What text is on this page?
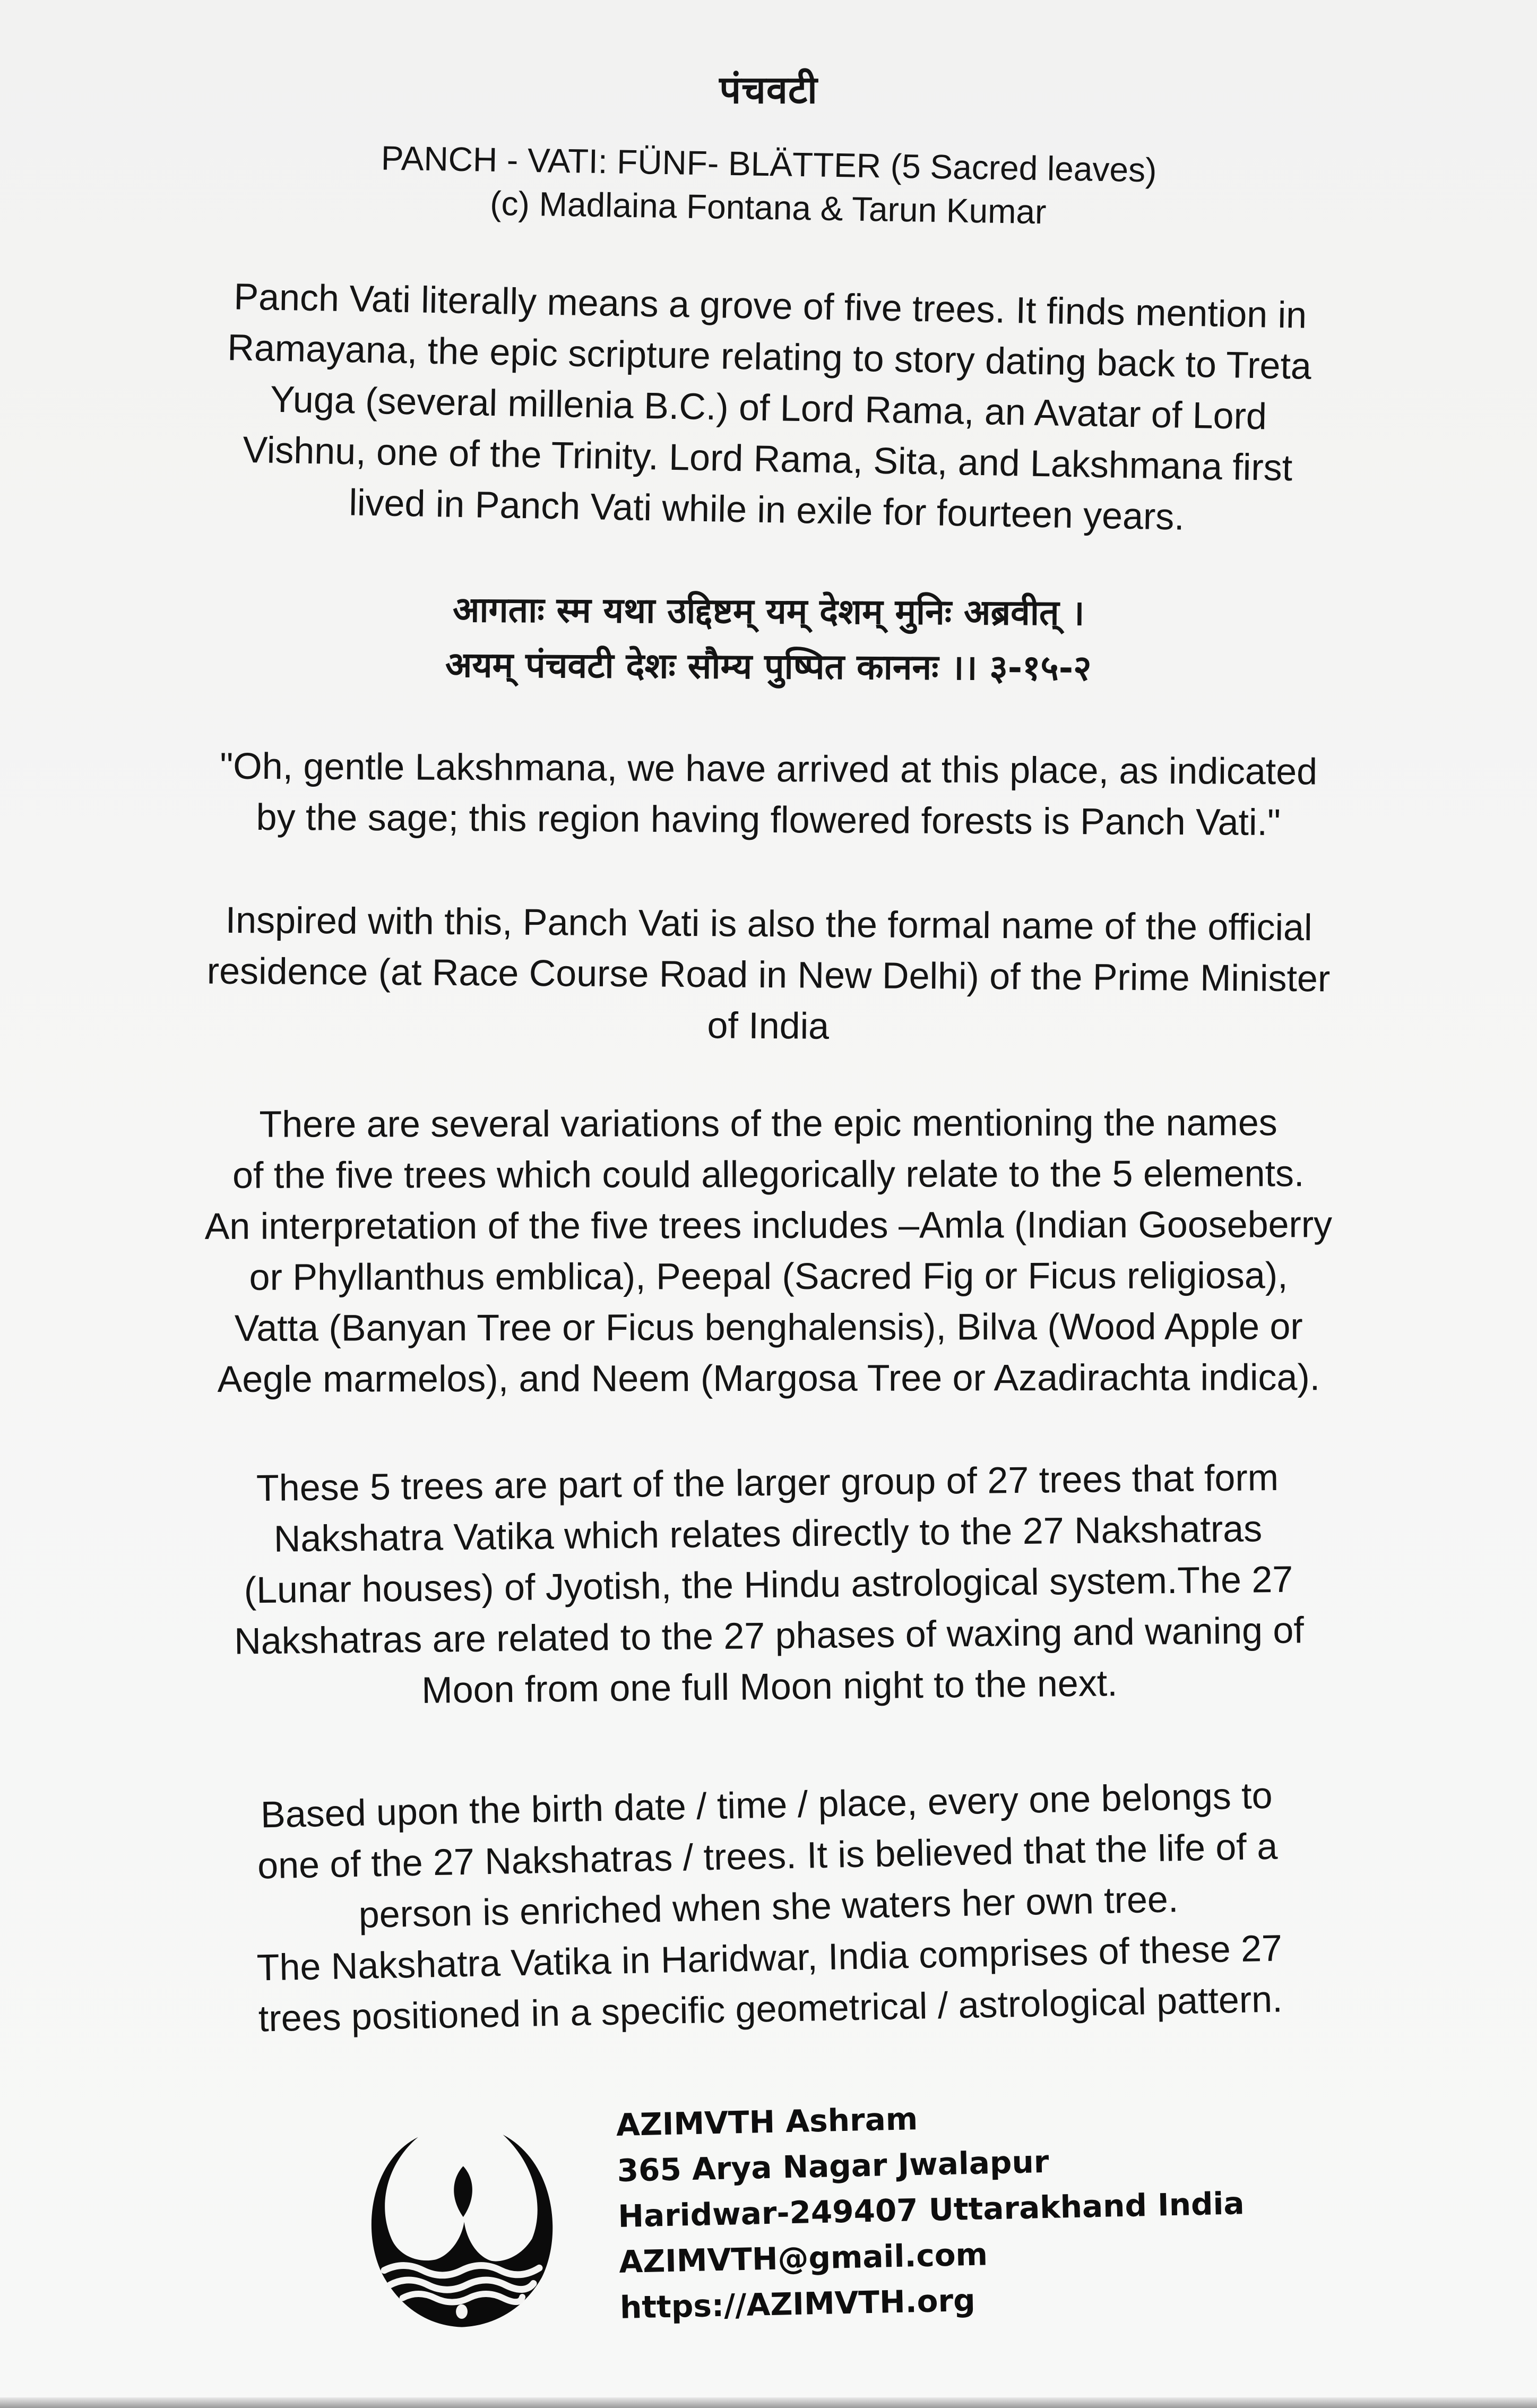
पंचवटी
PANCH - VATI: FÜNF- BLÄTTER (5 Sacred leaves)
(c) Madlaina Fontana & Tarun Kumar
Panch Vati literally means a grove of five trees. It finds mention in
Ramayana, the epic scripture relating to story dating back to Treta
Yuga (several millenia B.C.) of Lord Rama, an Avatar of Lord
Vishnu, one of the Trinity. Lord Rama, Sita, and Lakshmana first
lived in Panch Vati while in exile for fourteen years.
आगताः स्म यथा उद्दिष्टम् यम् देशम् मुनिः अब्रवीत् ।
अयम् पंचवटी देशः सौम्य पुष्पित काननः ।। ३-१५-२
"Oh, gentle Lakshmana, we have arrived at this place, as indicated
by the sage; this region having flowered forests is Panch Vati."
Inspired with this, Panch Vati is also the formal name of the official
residence (at Race Course Road in New Delhi) of the Prime Minister
of India
There are several variations of the epic mentioning the names
of the five trees which could allegorically relate to the 5 elements.
An interpretation of the five trees includes –Amla (Indian Gooseberry
or Phyllanthus emblica), Peepal (Sacred Fig or Ficus religiosa),
Vatta (Banyan Tree or Ficus benghalensis), Bilva (Wood Apple or
Aegle marmelos), and Neem (Margosa Tree or Azadirachta indica).
These 5 trees are part of the larger group of 27 trees that form
Nakshatra Vatika which relates directly to the 27 Nakshatras
(Lunar houses) of Jyotish, the Hindu astrological system.The 27
Nakshatras are related to the 27 phases of waxing and waning of
Moon from one full Moon night to the next.
Based upon the birth date / time / place, every one belongs to
one of the 27 Nakshatras / trees. It is believed that the life of a
person is enriched when she waters her own tree.
The Nakshatra Vatika in Haridwar, India comprises of these 27
trees positioned in a specific geometrical / astrological pattern.
AZIMVTH Ashram
365 Arya Nagar Jwalapur
Haridwar-249407 Uttarakhand India
AZIMVTH@gmail.com
https://AZIMVTH.org
